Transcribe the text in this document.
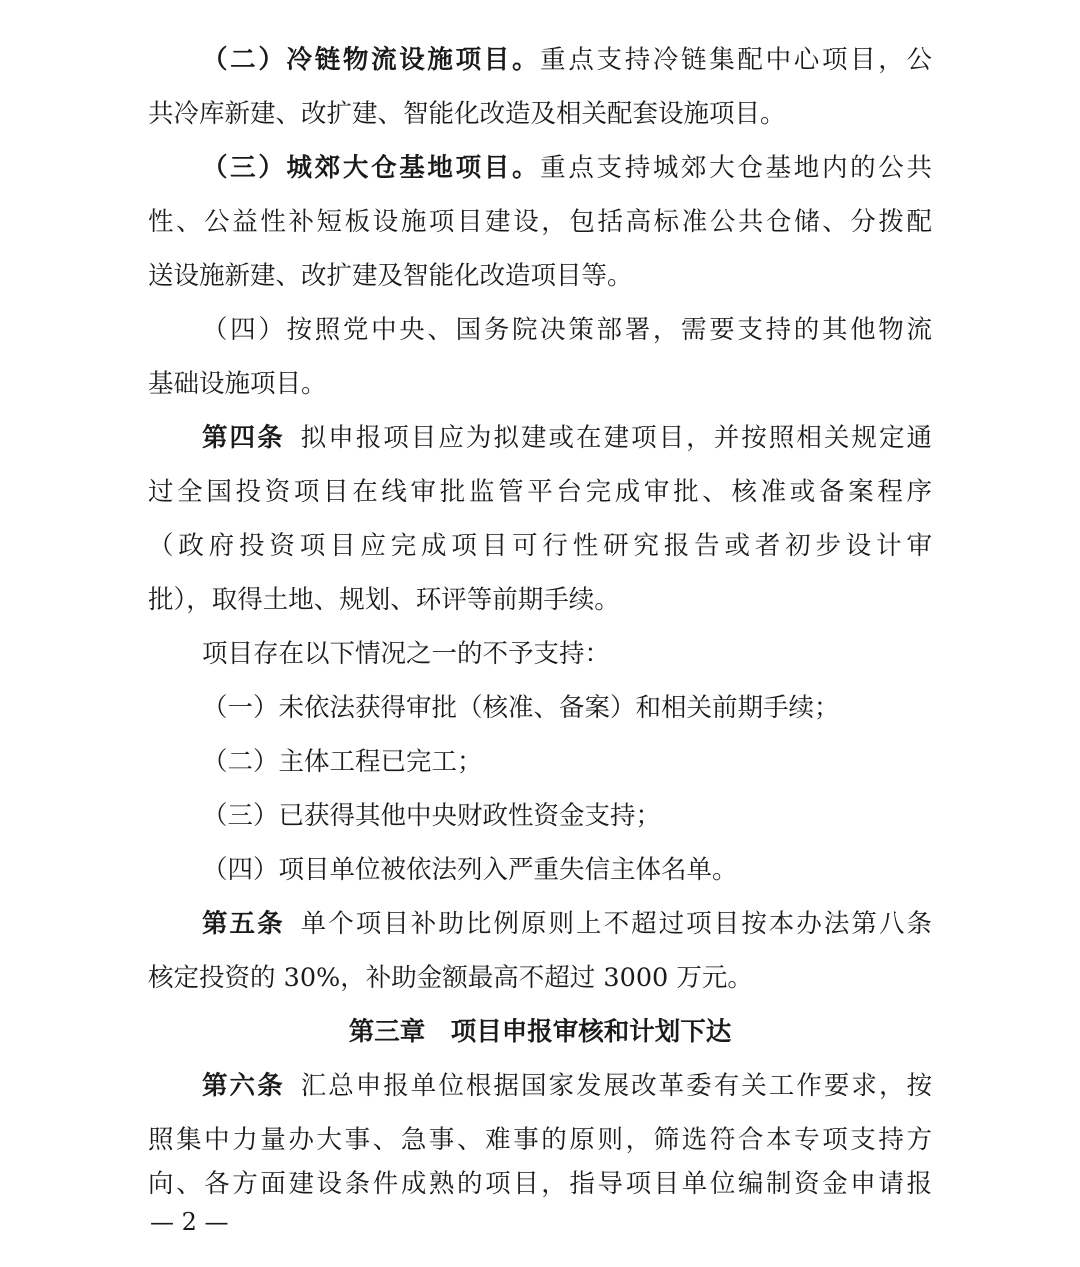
（二）冷链物流设施项目。重点支持冷链集配中心项目，公
共冷库新建、改扩建、智能化改造及相关配套设施项目。
（三）城郊大仓基地项目。重点支持城郊大仓基地内的公共
性、公益性补短板设施项目建设，包括高标准公共仓储、分拨配
送设施新建、改扩建及智能化改造项目等。
（四）按照党中央、国务院决策部署，需要支持的其他物流
基础设施项目。
第四条 拟申报项目应为拟建或在建项目，并按照相关规定通
过全国投资项目在线审批监管平台完成审批、核准或备案程序
（政府投资项目应完成项目可行性研究报告或者初步设计审
批），取得土地、规划、环评等前期手续。
项目存在以下情况之一的不予支持：
（一）未依法获得审批（核准、备案）和相关前期手续；
（二）主体工程已完工；
（三）已获得其他中央财政性资金支持；
（四）项目单位被依法列入严重失信主体名单。
第五条 单个项目补助比例原则上不超过项目按本办法第八条
核定投资的 30%，补助金额最高不超过 3000 万元。
第三章　项目申报审核和计划下达
第六条 汇总申报单位根据国家发展改革委有关工作要求，按
照集中力量办大事、急事、难事的原则，筛选符合本专项支持方
向、各方面建设条件成熟的项目，指导项目单位编制资金申请报
— 2 —
